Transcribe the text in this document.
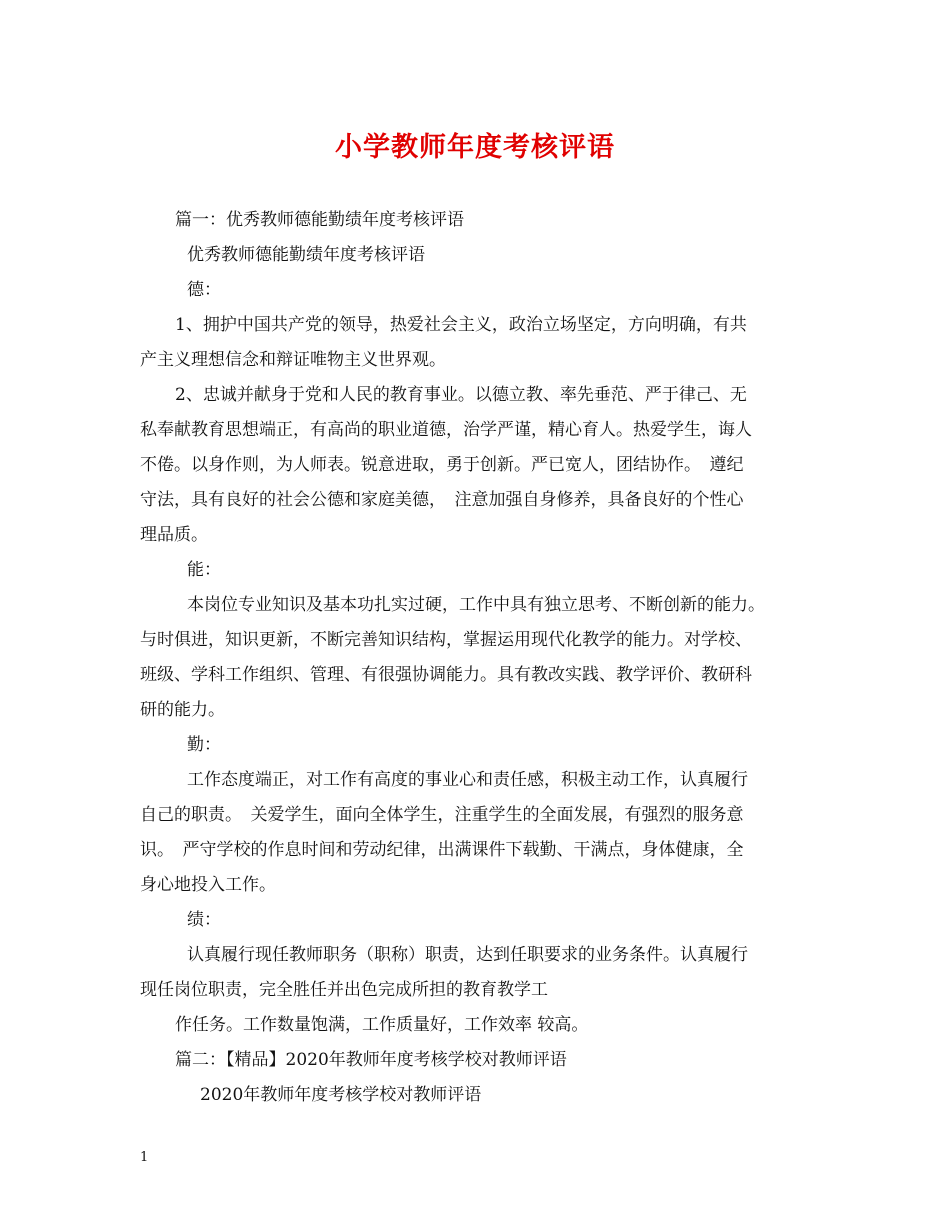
小学教师年度考核评语
篇一：优秀教师德能勤绩年度考核评语
优秀教师德能勤绩年度考核评语
德：
1、拥护中国共产党的领导，热爱社会主义，政治立场坚定，方向明确，有共
产主义理想信念和辩证唯物主义世界观。
2、忠诚并献身于党和人民的教育事业。以德立教、率先垂范、严于律己、无
私奉献教育思想端正，有高尚的职业道德，治学严谨，精心育人。热爱学生，诲人
不倦。以身作则，为人师表。锐意进取，勇于创新。严已宽人，团结协作。　遵纪
守法，具有良好的社会公德和家庭美德，　注意加强自身修养，具备良好的个性心
理品质。
能：
本岗位专业知识及基本功扎实过硬，工作中具有独立思考、不断创新的能力。
与时俱进，知识更新，不断完善知识结构，掌握运用现代化教学的能力。对学校、
班级、学科工作组织、管理、有很强协调能力。具有教改实践、教学评价、教研科
研的能力。
勤：
工作态度端正，对工作有高度的事业心和责任感，积极主动工作，认真履行
自己的职责。　关爱学生，面向全体学生，注重学生的全面发展，有强烈的服务意
识。　严守学校的作息时间和劳动纪律，出满课件下载勤、干满点，身体健康，全
身心地投入工作。
绩：
认真履行现任教师职务（职称）职责，达到任职要求的业务条件。认真履行
现任岗位职责，完全胜任并出色完成所担的教育教学工
作任务。工作数量饱满，工作质量好，工作效率 较高。
篇二：【精品】2020年教师年度考核学校对教师评语
2020年教师年度考核学校对教师评语
1
